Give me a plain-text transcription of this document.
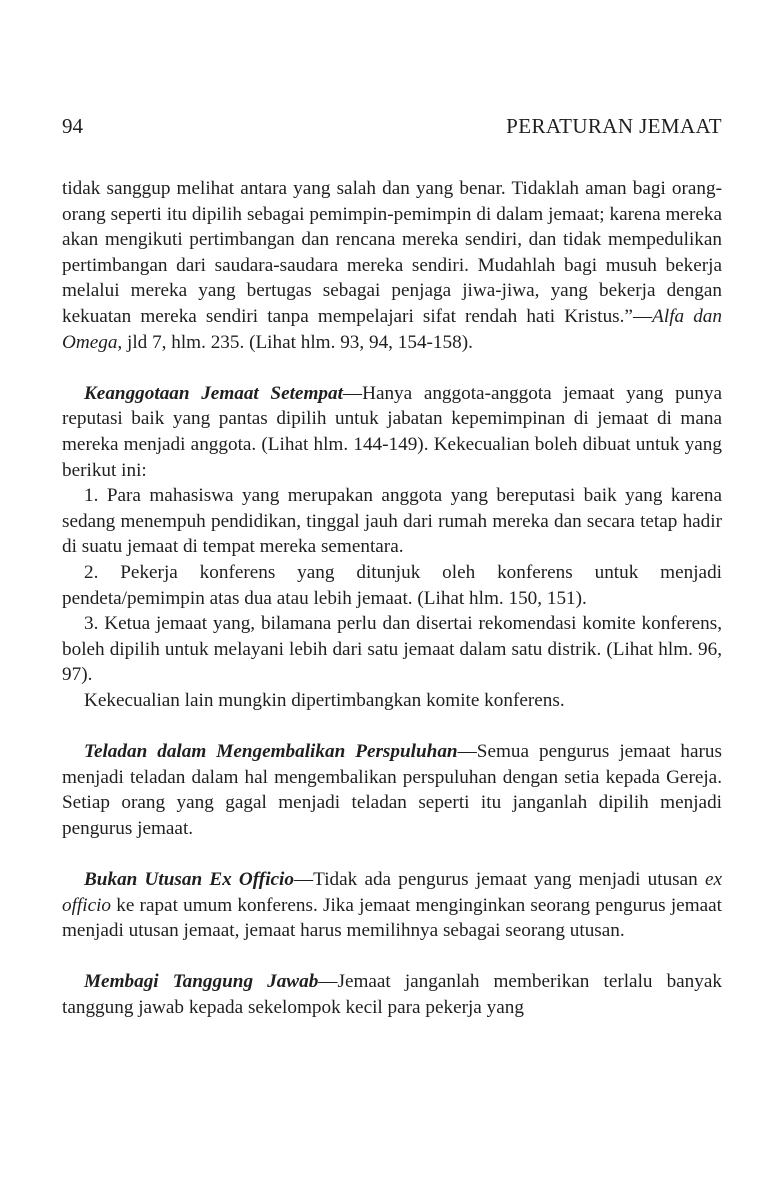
94	PERATURAN JEMAAT

tidak sanggup melihat antara yang salah dan yang benar. Tidaklah aman bagi orang-orang seperti itu dipilih sebagai pemimpin-pemimpin di dalam jemaat; karena mereka akan mengikuti pertimbangan dan rencana mereka sendiri, dan tidak mempedulikan pertimbangan dari saudara-saudara mereka sendiri. Mudahlah bagi musuh bekerja melalui mereka yang bertugas sebagai penjaga jiwa-jiwa, yang bekerja dengan kekuatan mereka sendiri tanpa mempelajari sifat rendah hati Kristus.”—Alfa dan Omega, jld 7, hlm. 235. (Lihat hlm. 93, 94, 154-158).

Keanggotaan Jemaat Setempat—Hanya anggota-anggota jemaat yang punya reputasi baik yang pantas dipilih untuk jabatan kepemimpinan di jemaat di mana mereka menjadi anggota. (Lihat hlm. 144-149). Kekecualian boleh dibuat untuk yang berikut ini:

1. Para mahasiswa yang merupakan anggota yang bereputasi baik yang karena sedang menempuh pendidikan, tinggal jauh dari rumah mereka dan secara tetap hadir di suatu jemaat di tempat mereka sementara.

2. Pekerja konferens yang ditunjuk oleh konferens untuk menjadi pendeta/pemimpin atas dua atau lebih jemaat. (Lihat hlm. 150, 151).

3. Ketua jemaat yang, bilamana perlu dan disertai rekomendasi komite konferens, boleh dipilih untuk melayani lebih dari satu jemaat dalam satu distrik. (Lihat hlm. 96, 97).

Kekecualian lain mungkin dipertimbangkan komite konferens.

Teladan dalam Mengembalikan Perspuluhan—Semua pengurus jemaat harus menjadi teladan dalam hal mengembalikan perspuluhan dengan setia kepada Gereja. Setiap orang yang gagal menjadi teladan seperti itu janganlah dipilih menjadi pengurus jemaat.

Bukan Utusan Ex Officio—Tidak ada pengurus jemaat yang menjadi utusan ex officio ke rapat umum konferens. Jika jemaat menginginkan seorang pengurus jemaat menjadi utusan jemaat, jemaat harus memilihnya sebagai seorang utusan.

Membagi Tanggung Jawab—Jemaat janganlah memberikan terlalu banyak tanggung jawab kepada sekelompok kecil para pekerja yang
